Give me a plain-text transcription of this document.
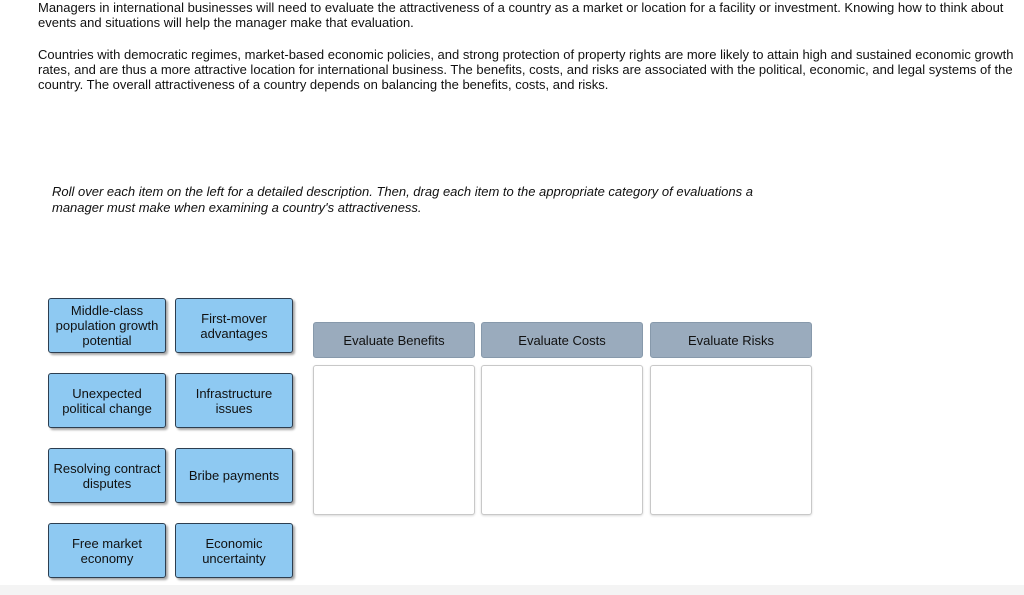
Managers in international businesses will need to evaluate the attractiveness of a country as a market or location for a facility or investment. Knowing how to think about events and situations will help the manager make that evaluation.

Countries with democratic regimes, market-based economic policies, and strong protection of property rights are more likely to attain high and sustained economic growth rates, and are thus a more attractive location for international business. The benefits, costs, and risks are associated with the political, economic, and legal systems of the country. The overall attractiveness of a country depends on balancing the benefits, costs, and risks.

Roll over each item on the left for a detailed description. Then, drag each item to the appropriate category of evaluations a manager must make when examining a country's attractiveness.

Middle-class population growth potential
First-mover advantages
Unexpected political change
Infrastructure issues
Resolving contract disputes	Bribe payments
Free market economy
Economic uncertainty
Evaluate Benefits	Evaluate Costs	Evaluate Risks
